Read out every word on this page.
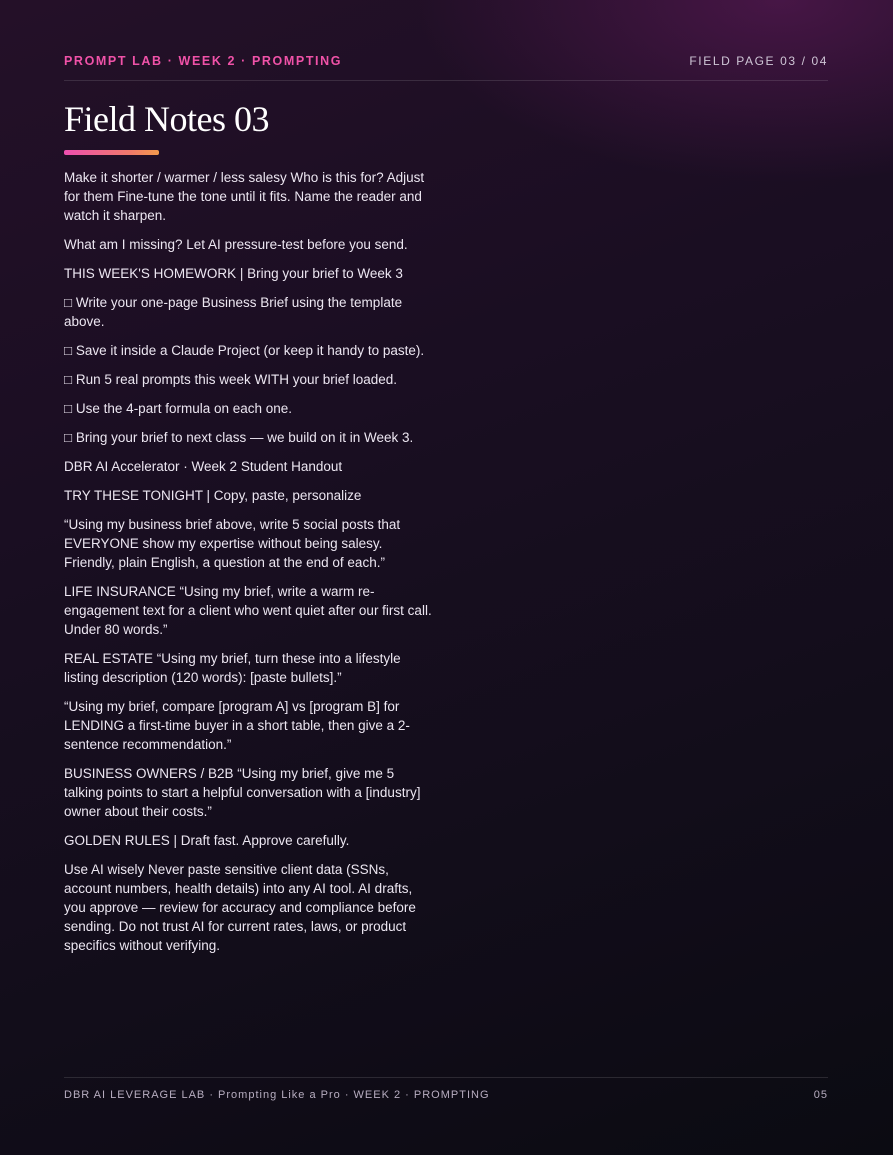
PROMPT LAB · WEEK 2 · PROMPTING	FIELD PAGE 03 / 04
Field Notes 03

Make it shorter / warmer / less salesy Who is this for? Adjust for them Fine-tune the tone until it fits. Name the reader and watch it sharpen.

What am I missing? Let AI pressure-test before you send.

THIS WEEK'S HOMEWORK | Bring your brief to Week 3

□ Write your one-page Business Brief using the template above.

□ Save it inside a Claude Project (or keep it handy to paste).

□ Run 5 real prompts this week WITH your brief loaded.

□ Use the 4-part formula on each one.

□ Bring your brief to next class — we build on it in Week 3.

DBR AI Accelerator · Week 2 Student Handout

TRY THESE TONIGHT | Copy, paste, personalize

“Using my business brief above, write 5 social posts that EVERYONE show my expertise without being salesy. Friendly, plain English, a question at the end of each.”

LIFE INSURANCE “Using my brief, write a warm re-engagement text for a client who went quiet after our first call. Under 80 words.”

REAL ESTATE “Using my brief, turn these into a lifestyle listing description (120 words): [paste bullets].”

“Using my brief, compare [program A] vs [program B] for LENDING a first-time buyer in a short table, then give a 2-sentence recommendation.”

BUSINESS OWNERS / B2B “Using my brief, give me 5 talking points to start a helpful conversation with a [industry] owner about their costs.”

GOLDEN RULES | Draft fast. Approve carefully.

Use AI wisely Never paste sensitive client data (SSNs, account numbers, health details) into any AI tool. AI drafts, you approve — review for accuracy and compliance before sending. Do not trust AI for current rates, laws, or product specifics without verifying.

DBR AI LEVERAGE LAB · Prompting Like a Pro · WEEK 2 · PROMPTING	05
